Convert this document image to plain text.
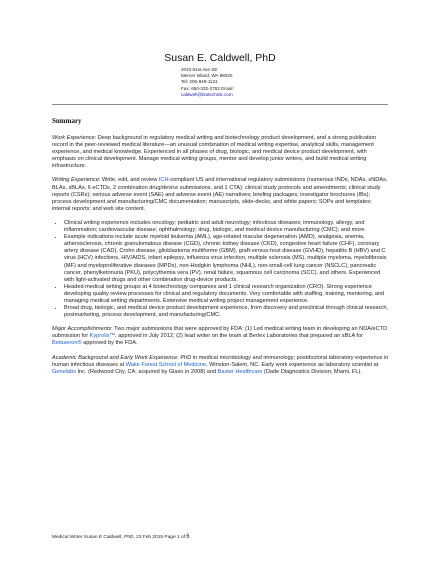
Susan E. Caldwell, PhD
2043 81st Ave SE
Mercer Island, WA 98040
Tel: 206-949-1121
Fax: 650-332-2752 Email:
caldwell@biotechink.com
Summary

Work Experience: Deep background in regulatory medical writing and biotechnology product development, and a strong publication record in the peer-reviewed medical literature—an unusual combination of medical writing expertise, analytical skills, management experience, and medical knowledge. Experienced in all phases of drug, biologic, and medical device product development, with emphasis on clinical development. Manage medical writing groups, mentor and develop junior writers, and build medical writing infrastructure.

Writing Experience: Write, edit, and review ICH-compliant US and international regulatory submissions (numerous INDs, NDAs, sNDAs, BLAs, sBLAs, 6 eCTDs, 2 combination drug/device submissions, and 1 CTA); clinical study protocols and amendments; clinical study reports (CSRs); serious adverse event (SAE) and adverse event (AE) narratives; briefing packages; investigator brochures (IBs); process development and manufacturing/CMC documentation; manuscripts, slide-decks, and white papers; SOPs and templates; internal reports; and web site content.

• Clinical writing experience includes oncology; pediatric and adult neurology; infectious diseases; immunology, allergy, and inflammation; cardiovascular disease; ophthalmology; drug, biologic, and medical device manufacturing (CMC); and more.
• Example indications include acute myeloid leukemia (AML), age-related macular degeneration (AMD), analgesia, anemia, atherosclerosis, chronic granulomatous disease (CGD), chronic kidney disease (CKD), congestive heart failure (CHF), coronary artery disease (CAD), Crohn disease, glioblastoma multiforme (GBM), graft-versus-host disease (GVHD), hepatitis B (HBV) and C virus (HCV) infections, HIV/AIDS, infant epilepsy, influenza virus infection, multiple sclerosis (MS), multiple myeloma, myelofibrosis (MF) and myeloproliferative diseases (MPDs), non-Hodgkin lymphoma (NHL), non-small-cell lung cancer (NSCLC), pancreatic cancer, phenylketonuria (PKU), polycythemia vera (PV), renal failure, squamous cell carcinoma (SCC), and others. Experienced with light-activated drugs and other combination drug-device products.
• Headed medical writing groups at 4 biotechnology companies and 1 clinical research organization (CRO). Strong experience developing quality review processes for clinical and regulatory documents. Very comfortable with staffing, training, mentoring, and managing medical writing departments. Extensive medical writing project management experience.
• Broad drug, biologic, and medical device product development experience, from discovery and preclinical through clinical research, postmarketing, process development, and manufacturing/CMC.

Major Accomplishments: Two major submissions that were approved by FDA: (1) Led medical writing team in developing an NDA/eCTD submission for Kyprolis™, approved in July 2012; (2) lead writer on the team at Berlex Laboratories that prepared an sBLA for Betaseron® approved by the FDA.

Academic Background and Early Work Experience: PhD in medical microbiology and immunology; postdoctoral laboratory experience in human infectious diseases at Wake Forest School of Medicine, Winston-Salem, NC. Early work experience as laboratory scientist at Genelabs Inc. (Redwood City, CA; acquired by Glaxo in 2008) and Baxter Healthcare (Dade Diagnostics Division; Miami, FL).

Medical Writer Susan E Caldwell, PhD, 23 Feb 2015 Page 1 of 6
